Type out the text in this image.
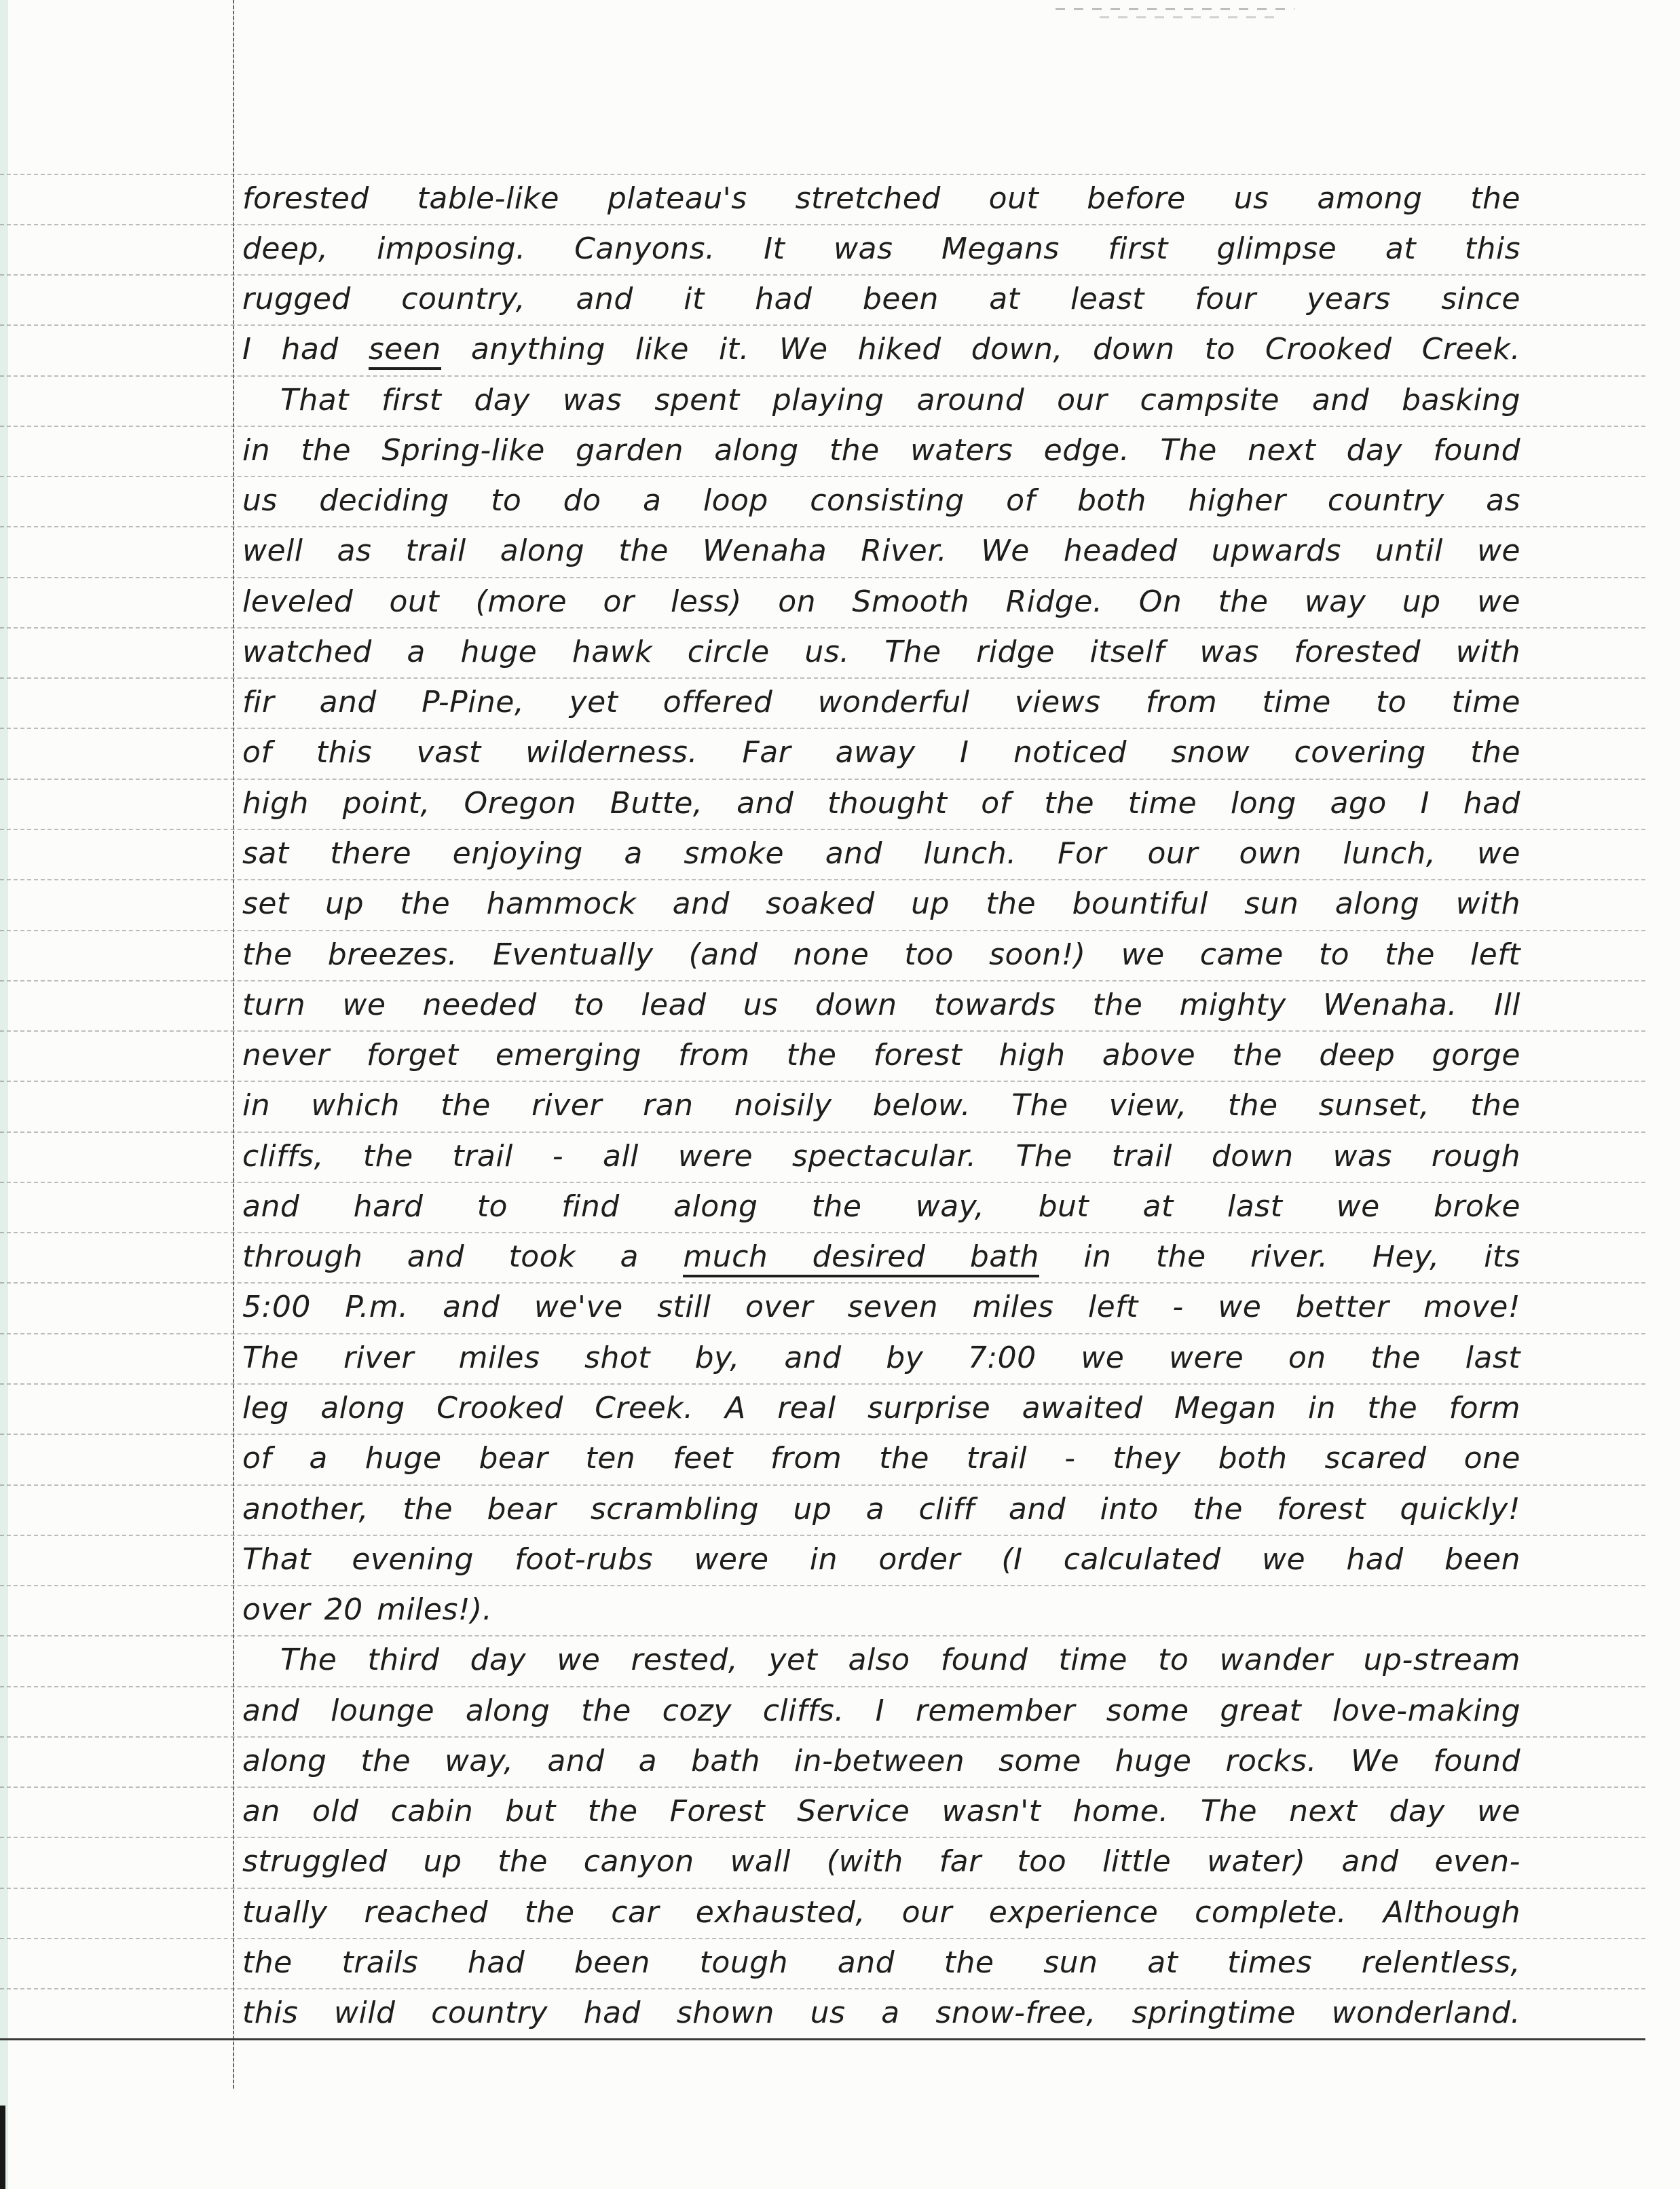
forested table-like plateau's stretched out before us among the
deep, imposing. Canyons. It was Megans first glimpse at this
rugged country, and it had been at least four years since
I had seen anything like it. We hiked down, down to Crooked Creek.
That first day was spent playing around our campsite and basking
in the Spring-like garden along the waters edge. The next day found
us deciding to do a loop consisting of both higher country as
well as trail along the Wenaha River. We headed upwards until we
leveled out (more or less) on Smooth Ridge. On the way up we
watched a huge hawk circle us. The ridge itself was forested with
fir and P-Pine, yet offered wonderful views from time to time
of this vast wilderness. Far away I noticed snow covering the
high point, Oregon Butte, and thought of the time long ago I had
sat there enjoying a smoke and lunch. For our own lunch, we
set up the hammock and soaked up the bountiful sun along with
the breezes. Eventually (and none too soon!) we came to the left
turn we needed to lead us down towards the mighty Wenaha. Ill
never forget emerging from the forest high above the deep gorge
in which the river ran noisily below. The view, the sunset, the
cliffs, the trail - all were spectacular. The trail down was rough
and hard to find along the way, but at last we broke
through and took a much desired bath in the river. Hey, its
5:00 P.m. and we've still over seven miles left - we better move!
The river miles shot by, and by 7:00 we were on the last
leg along Crooked Creek. A real surprise awaited Megan in the form
of a huge bear ten feet from the trail - they both scared one
another, the bear scrambling up a cliff and into the forest quickly!
That evening foot-rubs were in order (I calculated we had been
over 20 miles!).
The third day we rested, yet also found time to wander up-stream
and lounge along the cozy cliffs. I remember some great love-making
along the way, and a bath in-between some huge rocks. We found
an old cabin but the Forest Service wasn't home. The next day we
struggled up the canyon wall (with far too little water) and even-
tually reached the car exhausted, our experience complete. Although
the trails had been tough and the sun at times relentless,
this wild country had shown us a snow-free, springtime wonderland.
